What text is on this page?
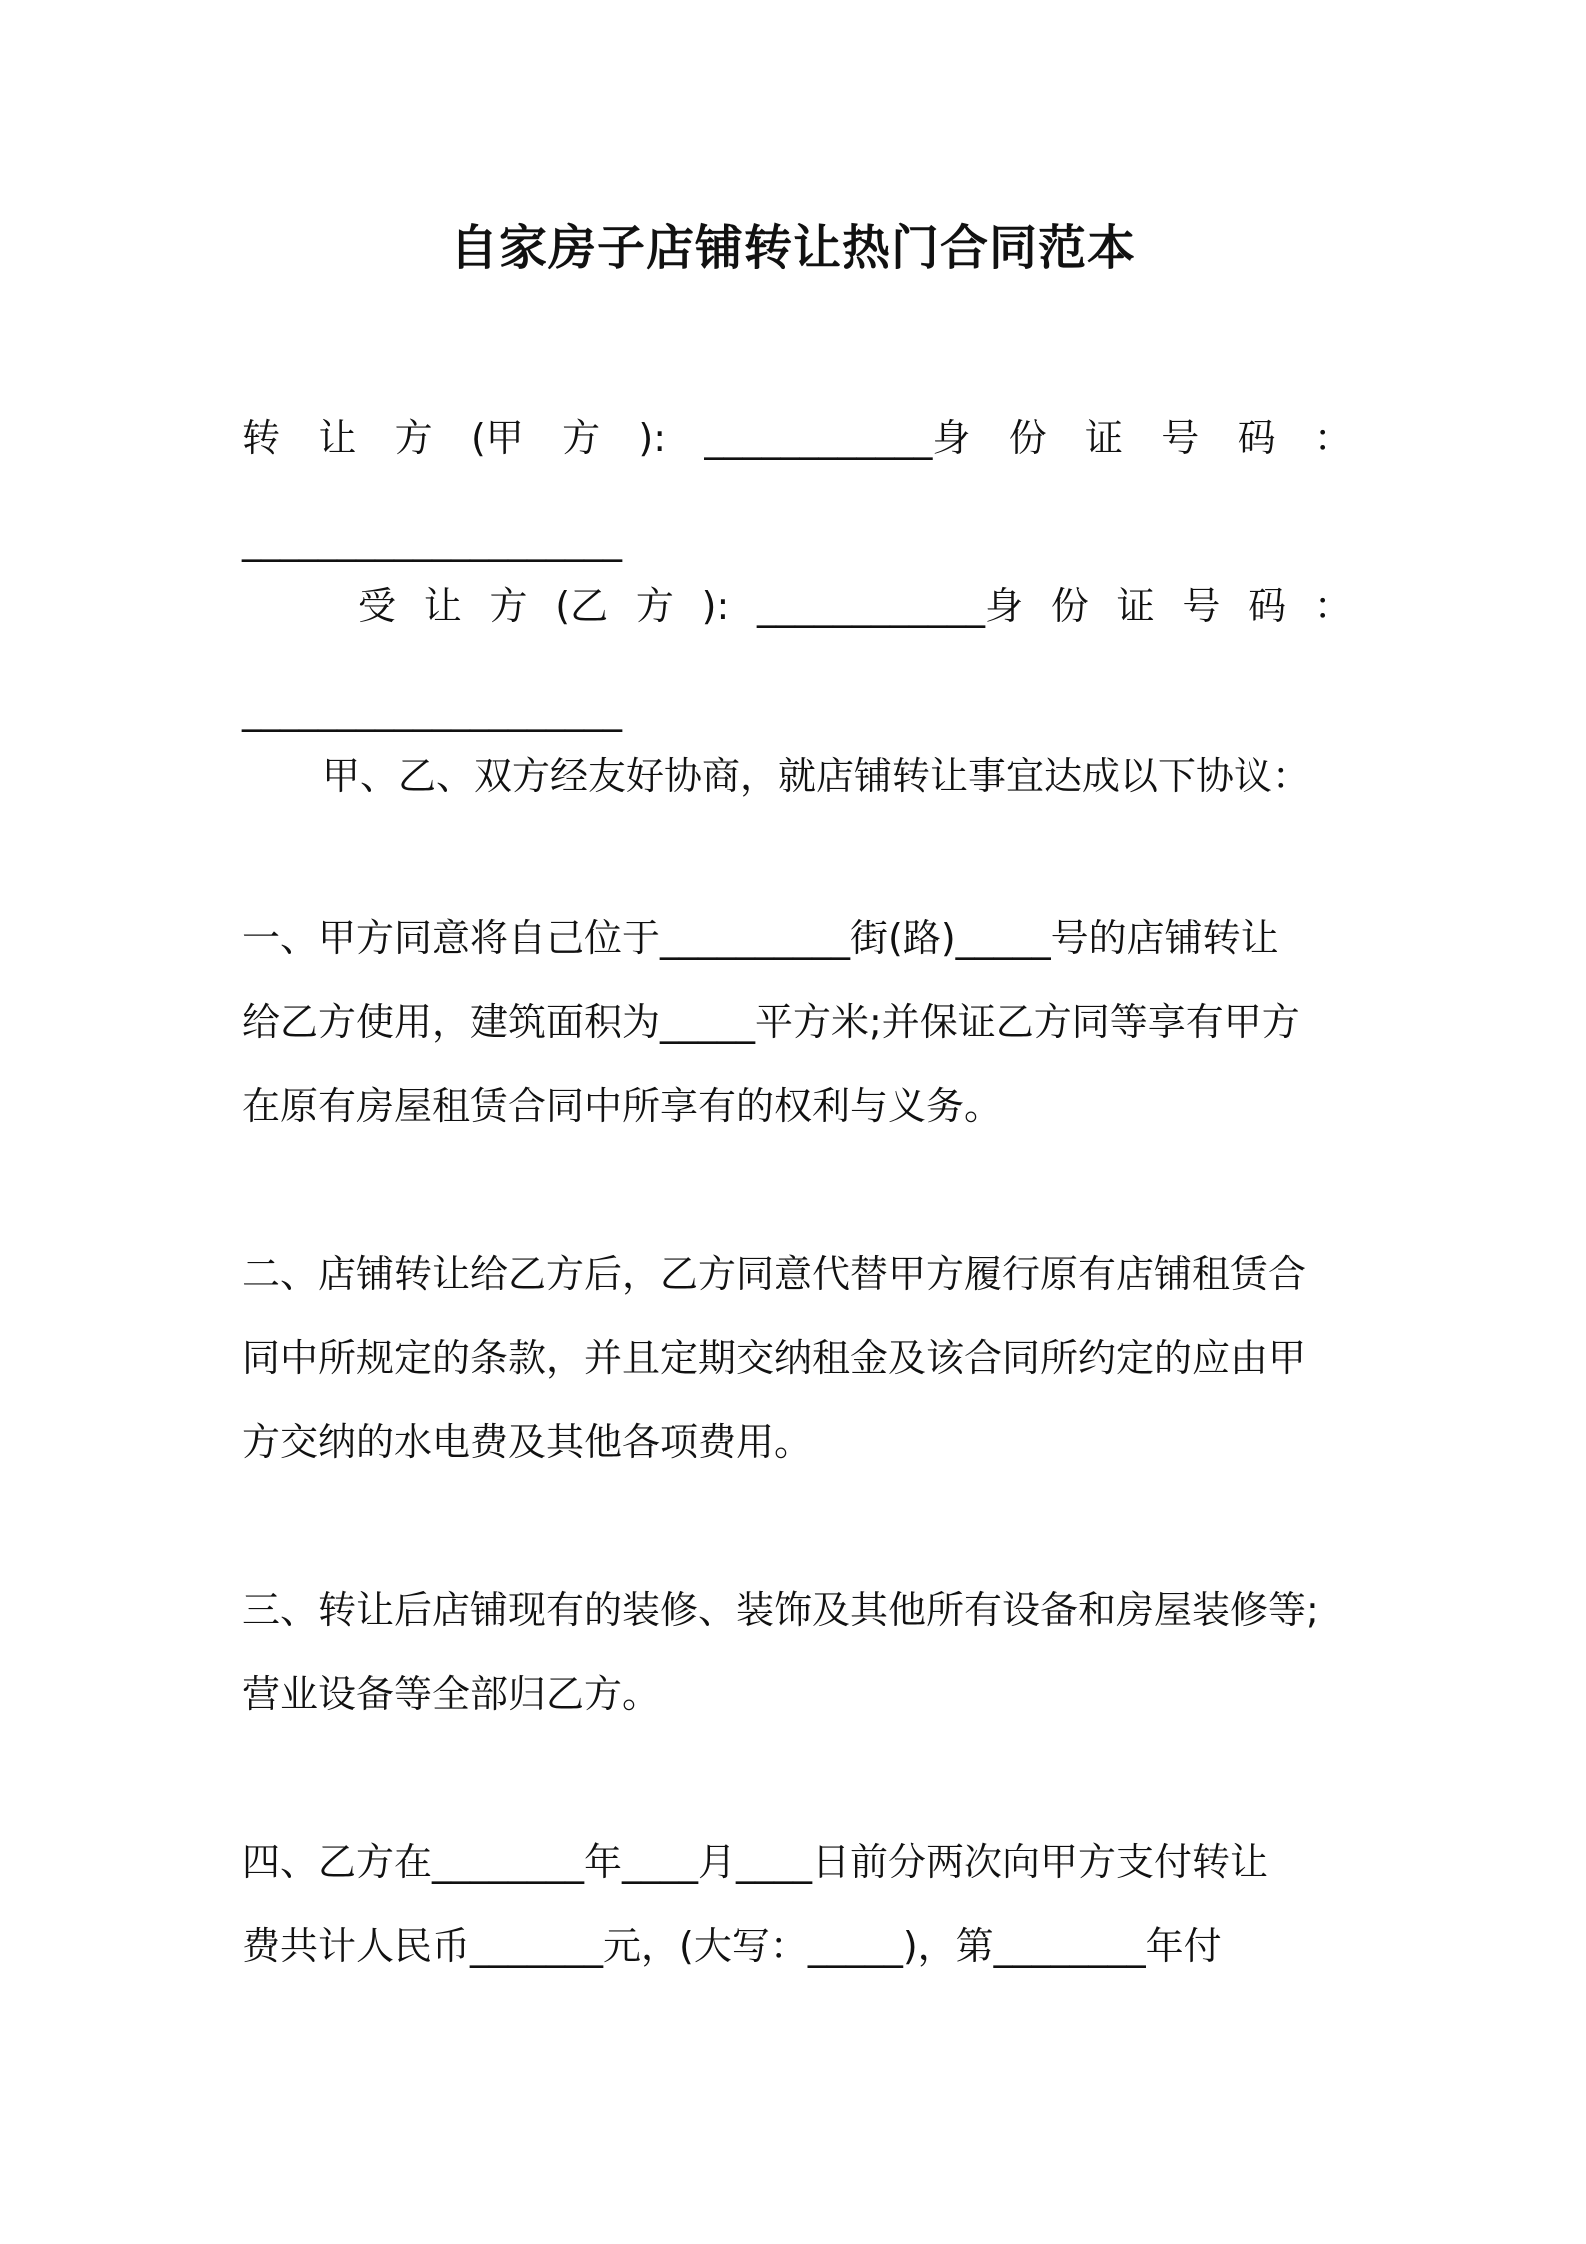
自家房子店铺转让热门合同范本
转 让 方 (甲 方 ): ____________身 份 证 号 码 ：
____________________
受 让 方 (乙 方 ): ____________身 份 证 号 码 ：
____________________
甲、乙、双方经友好协商，就店铺转让事宜达成以下协议：
一、甲方同意将自己位于__________街(路)_____号的店铺转让
给乙方使用，建筑面积为_____平方米;并保证乙方同等享有甲方
在原有房屋租赁合同中所享有的权利与义务。
二、店铺转让给乙方后，乙方同意代替甲方履行原有店铺租赁合
同中所规定的条款，并且定期交纳租金及该合同所约定的应由甲
方交纳的水电费及其他各项费用。
三、转让后店铺现有的装修、装饰及其他所有设备和房屋装修等;
营业设备等全部归乙方。
四、乙方在________年____月____日前分两次向甲方支付转让
费共计人民币_______元，(大写：_____)，第________年付
